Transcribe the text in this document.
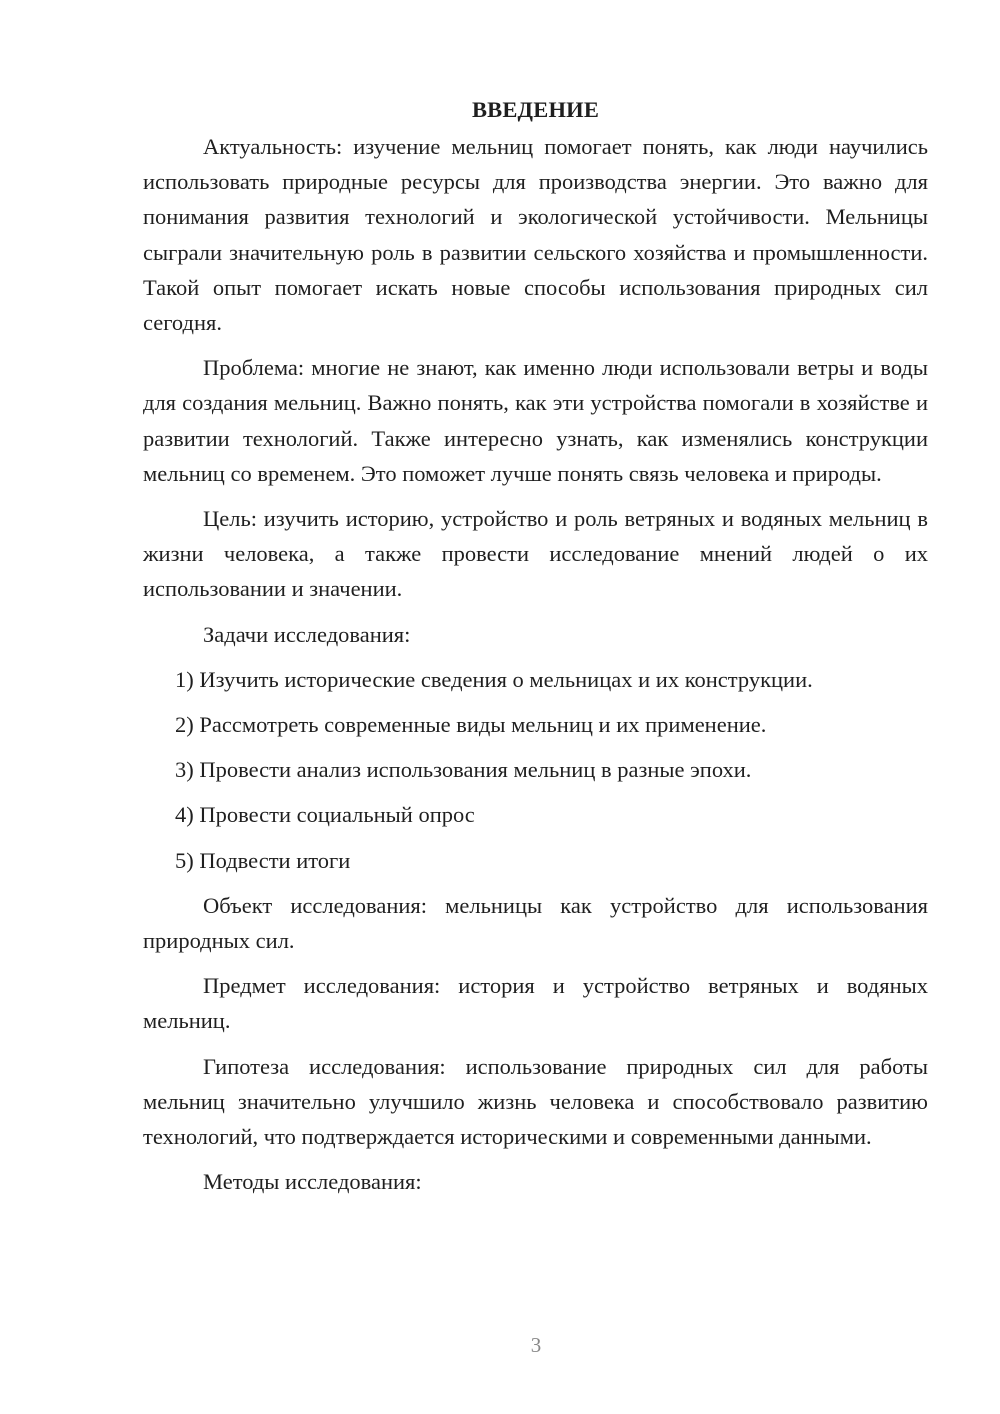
ВВЕДЕНИЕ

Актуальность: изучение мельниц помогает понять, как люди научились использовать природные ресурсы для производства энергии. Это важно для понимания развития технологий и экологической устойчивости. Мельницы сыграли значительную роль в развитии сельского хозяйства и промышленности. Такой опыт помогает искать новые способы использования природных сил сегодня.

Проблема: многие не знают, как именно люди использовали ветры и воды для создания мельниц. Важно понять, как эти устройства помогали в хозяйстве и развитии технологий. Также интересно узнать, как изменялись конструкции мельниц со временем. Это поможет лучше понять связь человека и природы.

Цель: изучить историю, устройство и роль ветряных и водяных мельниц в жизни человека, а также провести исследование мнений людей о их использовании и значении.

Задачи исследования:

1) Изучить исторические сведения о мельницах и их конструкции.
2) Рассмотреть современные виды мельниц и их применение.
3) Провести анализ использования мельниц в разные эпохи.
4) Провести социальный опрос
5) Подвести итоги

Объект исследования: мельницы как устройство для использования природных сил.

Предмет исследования: история и устройство ветряных и водяных мельниц.

Гипотеза исследования: использование природных сил для работы мельниц значительно улучшило жизнь человека и способствовало развитию технологий, что подтверждается историческими и современными данными.

Методы исследования:

3
